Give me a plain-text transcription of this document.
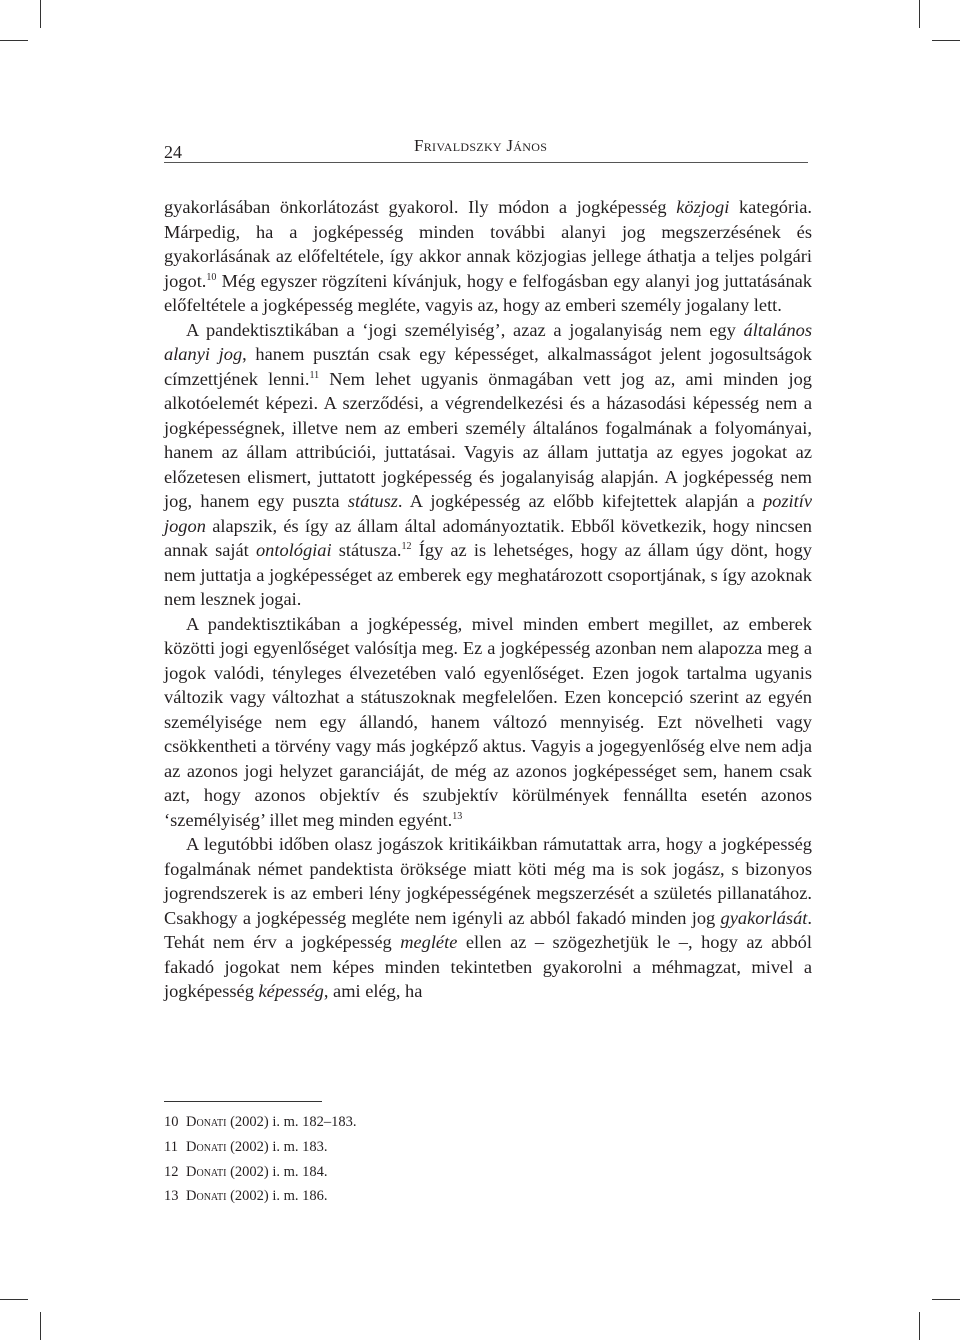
24	Frivaldszky János

gyakorlásában önkorlátozást gyakorol. Ily módon a jogképesség közjogi kategória. Márpedig, ha a jogképesség minden további alanyi jog megszerzésének és gyakorlásának az előfeltétele, így akkor annak közjogias jellege áthatja a teljes polgári jogot.$^{10}$ Még egyszer rögzíteni kívánjuk, hogy e felfogásban egy alanyi jog juttatásának előfeltétele a jogképesség megléte, vagyis az, hogy az emberi személy jogalany lett.

A pandektisztikában a ‘jogi személyiség’, azaz a jogalanyiság nem egy általános alanyi jog, hanem pusztán csak egy képességet, alkalmasságot jelent jogosultságok címzettjének lenni.$^{11}$ Nem lehet ugyanis önmagában vett jog az, ami minden jog alkotóelemét képezi. A szerződési, a végrendelkezési és a házasodási képesség nem a jogképességnek, illetve nem az emberi személy általános fogalmának a folyományai, hanem az állam attribúciói, juttatásai. Vagyis az állam juttatja az egyes jogokat az előzetesen elismert, juttatott jogképesség és jogalanyiság alapján. A jogképesség nem jog, hanem egy puszta státusz. A jogképesség az előbb kifejtettek alapján a pozitív jogon alapszik, és így az állam által adományoztatik. Ebből következik, hogy nincsen annak saját ontológiai státusza.$^{12}$ Így az is lehetséges, hogy az állam úgy dönt, hogy nem juttatja a jogképességet az emberek egy meghatározott csoportjának, s így azoknak nem lesznek jogai.

A pandektisztikában a jogképesség, mivel minden embert megillet, az emberek közötti jogi egyenlőséget valósítja meg. Ez a jogképesség azonban nem alapozza meg a jogok valódi, tényleges élvezetében való egyenlőséget. Ezen jogok tartalma ugyanis változik vagy változhat a státuszoknak megfelelően. Ezen koncepció szerint az egyén személyisége nem egy állandó, hanem változó mennyiség. Ezt növelheti vagy csökkentheti a törvény vagy más jogképző aktus. Vagyis a jogegyenlőség elve nem adja az azonos jogi helyzet garanciáját, de még az azonos jogképességet sem, hanem csak azt, hogy azonos objektív és szubjektív körülmények fennállta esetén azonos ‘személyiség’ illet meg minden egyént.$^{13}$

A legutóbbi időben olasz jogászok kritikáikban rámutattak arra, hogy a jogképesség fogalmának német pandektista öröksége miatt köti még ma is sok jogász, s bizonyos jogrendszerek is az emberi lény jogképességének megszerzését a születés pillanatához. Csakhogy a jogképesség megléte nem igényli az abból fakadó minden jog gyakorlását. Tehát nem érv a jogképesség megléte ellen az – szögezhetjük le –, hogy az abból fakadó jogokat nem képes minden tekintetben gyakorolni a méhmagzat, mivel a jogképesség képesség, ami elég, ha

10 Donati (2002) i. m. 182–183.
11 Donati (2002) i. m. 183.
12 Donati (2002) i. m. 184.
13 Donati (2002) i. m. 186.
